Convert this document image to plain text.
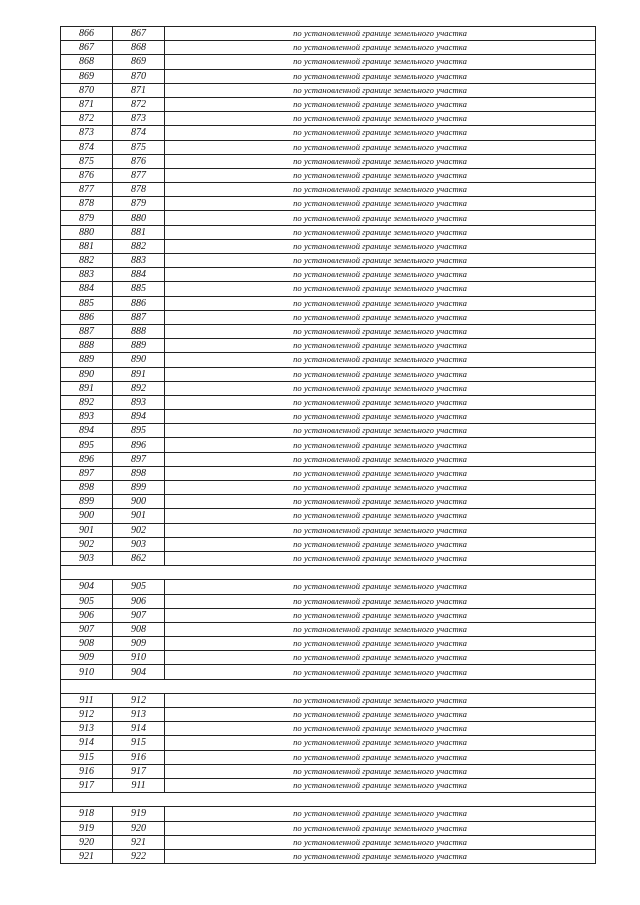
866	867	по установленной границе земельного участка
867	868	по установленной границе земельного участка
868	869	по установленной границе земельного участка
869	870	по установленной границе земельного участка
870	871	по установленной границе земельного участка
871	872	по установленной границе земельного участка
872	873	по установленной границе земельного участка
873	874	по установленной границе земельного участка
874	875	по установленной границе земельного участка
875	876	по установленной границе земельного участка
876	877	по установленной границе земельного участка
877	878	по установленной границе земельного участка
878	879	по установленной границе земельного участка
879	880	по установленной границе земельного участка
880	881	по установленной границе земельного участка
881	882	по установленной границе земельного участка
882	883	по установленной границе земельного участка
883	884	по установленной границе земельного участка
884	885	по установленной границе земельного участка
885	886	по установленной границе земельного участка
886	887	по установленной границе земельного участка
887	888	по установленной границе земельного участка
888	889	по установленной границе земельного участка
889	890	по установленной границе земельного участка
890	891	по установленной границе земельного участка
891	892	по установленной границе земельного участка
892	893	по установленной границе земельного участка
893	894	по установленной границе земельного участка
894	895	по установленной границе земельного участка
895	896	по установленной границе земельного участка
896	897	по установленной границе земельного участка
897	898	по установленной границе земельного участка
898	899	по установленной границе земельного участка
899	900	по установленной границе земельного участка
900	901	по установленной границе земельного участка
901	902	по установленной границе земельного участка
902	903	по установленной границе земельного участка
903	862	по установленной границе земельного участка

904	905	по установленной границе земельного участка
905	906	по установленной границе земельного участка
906	907	по установленной границе земельного участка
907	908	по установленной границе земельного участка
908	909	по установленной границе земельного участка
909	910	по установленной границе земельного участка
910	904	по установленной границе земельного участка

911	912	по установленной границе земельного участка
912	913	по установленной границе земельного участка
913	914	по установленной границе земельного участка
914	915	по установленной границе земельного участка
915	916	по установленной границе земельного участка
916	917	по установленной границе земельного участка
917	911	по установленной границе земельного участка

918	919	по установленной границе земельного участка
919	920	по установленной границе земельного участка
920	921	по установленной границе земельного участка
921	922	по установленной границе земельного участка
